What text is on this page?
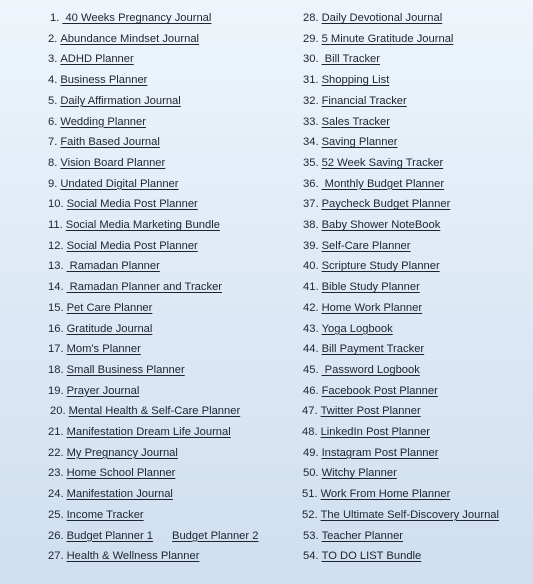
1. 40 Weeks Pregnancy Journal
2. Abundance Mindset Journal
3. ADHD Planner
4. Business Planner
5. Daily Affirmation Journal
6. Wedding Planner
7. Faith Based Journal
8. Vision Board Planner
9. Undated Digital Planner
10. Social Media Post Planner
11. Social Media Marketing Bundle
12. Social Media Post Planner
13. Ramadan Planner
14. Ramadan Planner and Tracker
15. Pet Care Planner
16. Gratitude Journal
17. Mom's Planner
18. Small Business Planner
19. Prayer Journal
20. Mental Health & Self-Care Planner
21. Manifestation Dream Life Journal
22. My Pregnancy Journal
23. Home School Planner
24. Manifestation Journal
25. Income Tracker
26. Budget Planner 1 Budget Planner 2
27. Health & Wellness Planner
28. Daily Devotional Journal
29. 5 Minute Gratitude Journal
30. Bill Tracker
31. Shopping List
32. Financial Tracker
33. Sales Tracker
34. Saving Planner
35. 52 Week Saving Tracker
36. Monthly Budget Planner
37. Paycheck Budget Planner
38. Baby Shower NoteBook
39. Self-Care Planner
40. Scripture Study Planner
41. Bible Study Planner
42. Home Work Planner
43. Yoga Logbook
44. Bill Payment Tracker
45. Password Logbook
46. Facebook Post Planner
47. Twitter Post Planner
48. LinkedIn Post Planner
49. Instagram Post Planner
50. Witchy Planner
51. Work From Home Planner
52. The Ultimate Self-Discovery Journal
53. Teacher Planner
54. TO DO LIST Bundle
